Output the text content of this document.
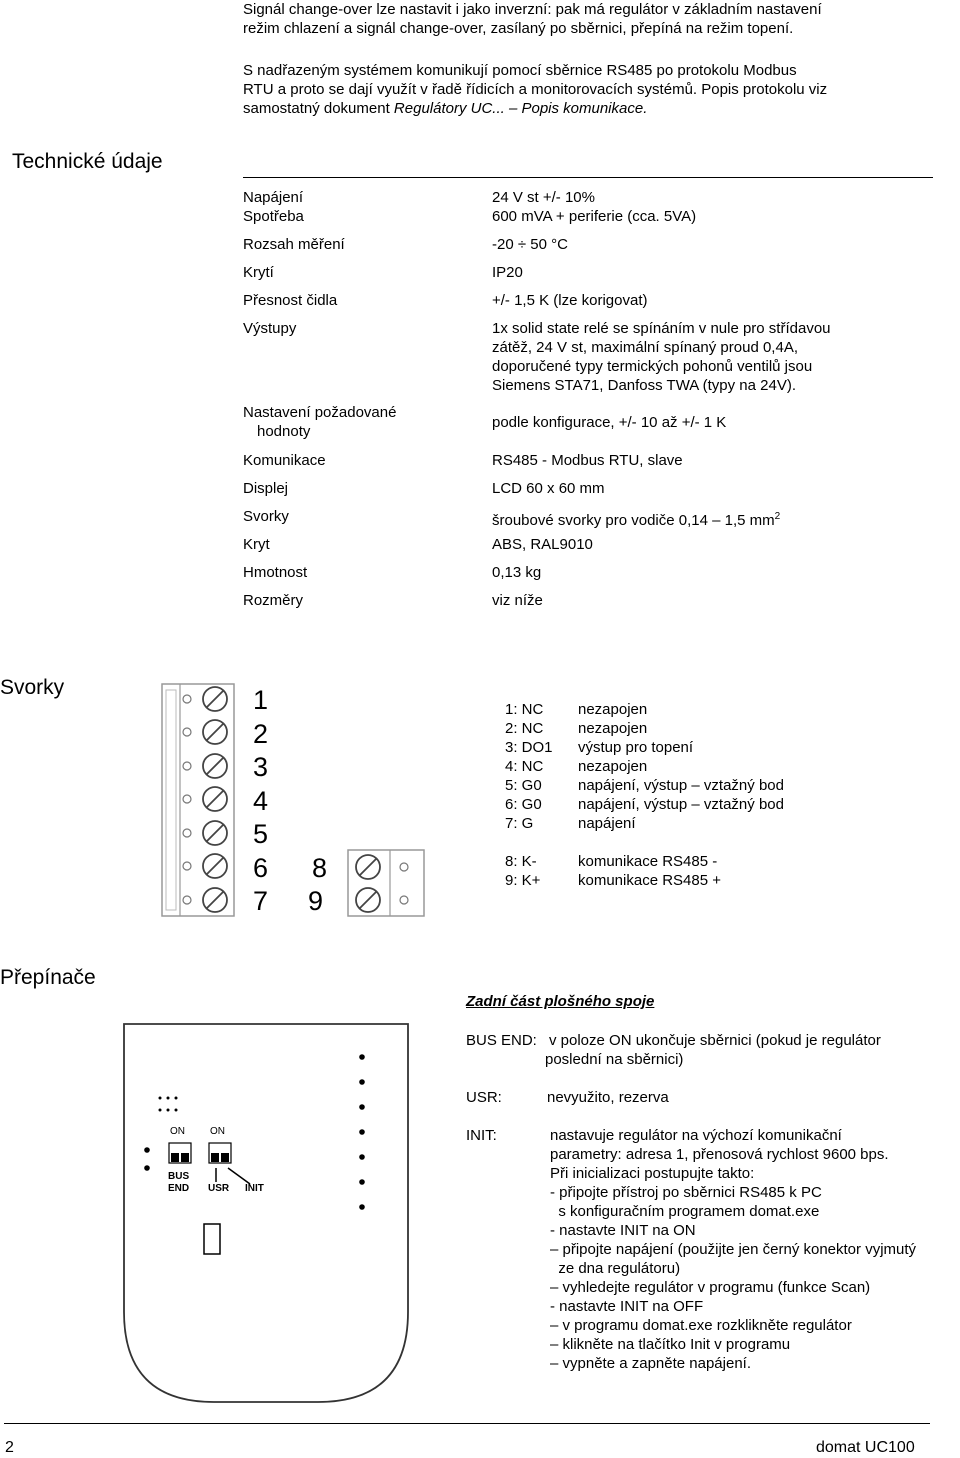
Signál change-over lze nastavit i jako inverzní: pak má regulátor v základním nastavení
režim chlazení a signál change-over, zasílaný po sběrnici, přepíná na režim topení.
S nadřazeným systémem komunikují pomocí sběrnice RS485 po protokolu Modbus
RTU a proto se dají využít v řadě řídicích a monitorovacích systémů. Popis protokolu viz
samostatný dokument Regulátory UC... – Popis komunikace.
Technické údaje
Napájení	24 V st +/- 10%
Spotřeba	600 mVA + periferie (cca. 5VA)
Rozsah měření	-20 ÷ 50 °C
Krytí	IP20
Přesnost čidla	+/- 1,5 K (lze korigovat)
Výstupy	1x solid state relé se spínáním v nule pro střídavou
zátěž, 24 V st, maximální spínaný proud 0,4A,
doporučené typy termických pohonů ventilů jsou
Siemens STA71, Danfoss TWA (typy na 24V).
Nastavení požadované
hodnoty
podle konfigurace, +/- 10 až +/- 1 K
Komunikace	RS485 - Modbus RTU, slave
Displej	LCD 60 x 60 mm
Svorky	šroubové svorky pro vodiče 0,14 – 1,5 $mm^2$
Kryt	ABS, RAL9010
Hmotnost	0,13 kg
Rozměry	viz níže
Svorky	1
2
3
4
5
6
7
8
9
1: NC nezapojen
2: NC nezapojen
3: DO1 výstup pro topení
4: NC nezapojen
5: G0 napájení, výstup – vztažný bod
6: G0 napájení, výstup – vztažný bod
7: G	napájení
8: K-	komunikace RS485 -
9: K+	komunikace RS485 +
Přepínače
ON	ON
BUS
END USR INIT
Zadní část plošného spoje
BUS END: v poloze ON ukončuje sběrnici (pokud je regulátor
poslední na sběrnici)
USR:	nevyužito, rezerva
INIT:	nastavuje regulátor na výchozí komunikační
parametry: adresa 1, přenosová rychlost 9600 bps.
Při inicializaci postupujte takto:
- připojte přístroj po sběrnici RS485 k PC
s konfiguračním programem domat.exe
- nastavte INIT na ON
– připojte napájení (použijte jen černý konektor vyjmutý
ze dna regulátoru)
– vyhledejte regulátor v programu (funkce Scan)
- nastavte INIT na OFF
– v programu domat.exe rozklikněte regulátor
– klikněte na tlačítko Init v programu
– vypněte a zapněte napájení.
2	domat UC100
